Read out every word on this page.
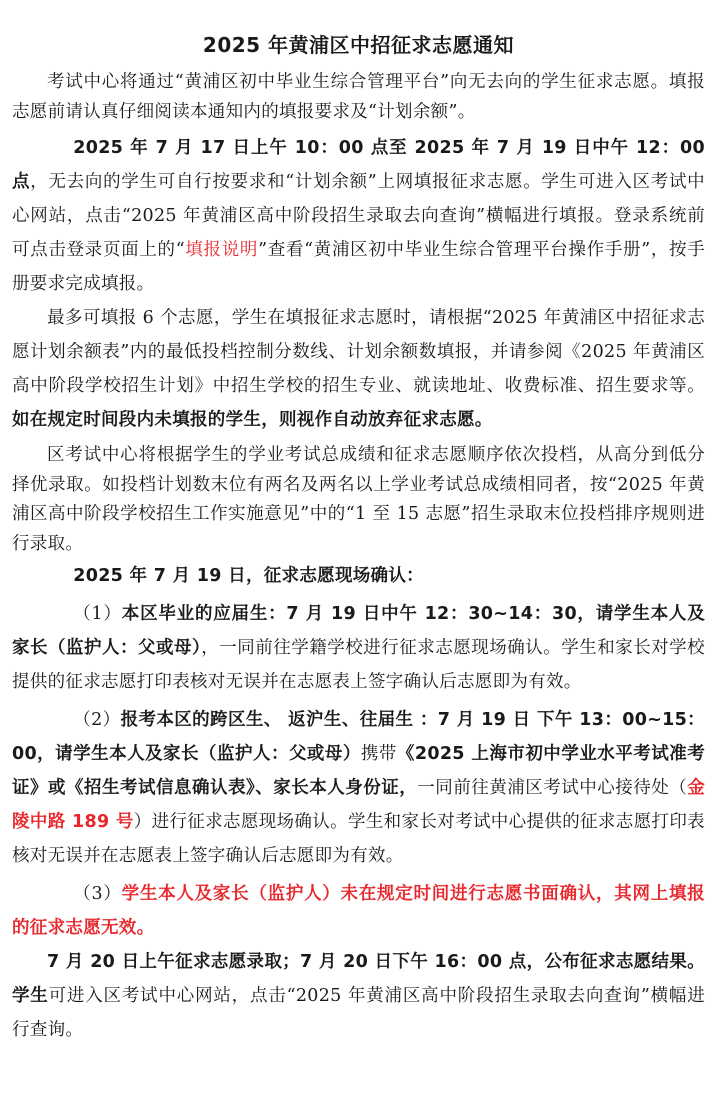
2025 年黄浦区中招征求志愿通知

考试中心将通过“黄浦区初中毕业生综合管理平台”向无去向的学生征求志愿。填报志愿前请认真仔细阅读本通知内的填报要求及“计划余额”。

2025 年 7 月 17 日上午 10：00 点至 2025 年 7 月 19 日中午 12：00 点，无去向的学生可自行按要求和“计划余额”上网填报征求志愿。学生可进入区考试中心网站，点击“2025 年黄浦区高中阶段招生录取去向查询”横幅进行填报。登录系统前可点击登录页面上的“填报说明”查看“黄浦区初中毕业生综合管理平台操作手册”，按手册要求完成填报。

最多可填报 6 个志愿，学生在填报征求志愿时，请根据“2025 年黄浦区中招征求志愿计划余额表”内的最低投档控制分数线、计划余额数填报，并请参阅《2025 年黄浦区高中阶段学校招生计划》中招生学校的招生专业、就读地址、收费标准、招生要求等。如在规定时间段内未填报的学生，则视作自动放弃征求志愿。

区考试中心将根据学生的学业考试总成绩和征求志愿顺序依次投档，从高分到低分择优录取。如投档计划数末位有两名及两名以上学业考试总成绩相同者，按“2025 年黄浦区高中阶段学校招生工作实施意见”中的“1 至 15 志愿”招生录取末位投档排序规则进行录取。

2025 年 7 月 19 日，征求志愿现场确认：

（1）本区毕业的应届生：7 月 19 日中午 12：30~14：30，请学生本人及家长（监护人：父或母），一同前往学籍学校进行征求志愿现场确认。学生和家长对学校提供的征求志愿打印表核对无误并在志愿表上签字确认后志愿即为有效。

（2）报考本区的跨区生、 返沪生、往届生 ：7 月 19 日 下午 13：00~15：00，请学生本人及家长（监护人：父或母）携带《2025 上海市初中学业水平考试准考证》或《招生考试信息确认表》、家长本人身份证，一同前往黄浦区考试中心接待处（金陵中路 189 号）进行征求志愿现场确认。学生和家长对考试中心提供的征求志愿打印表核对无误并在志愿表上签字确认后志愿即为有效。

（3）学生本人及家长（监护人）未在规定时间进行志愿书面确认，其网上填报的征求志愿无效。

7 月 20 日上午征求志愿录取；7 月 20 日下午 16：00 点，公布征求志愿结果。学生可进入区考试中心网站，点击“2025 年黄浦区高中阶段招生录取去向查询”横幅进行查询。
